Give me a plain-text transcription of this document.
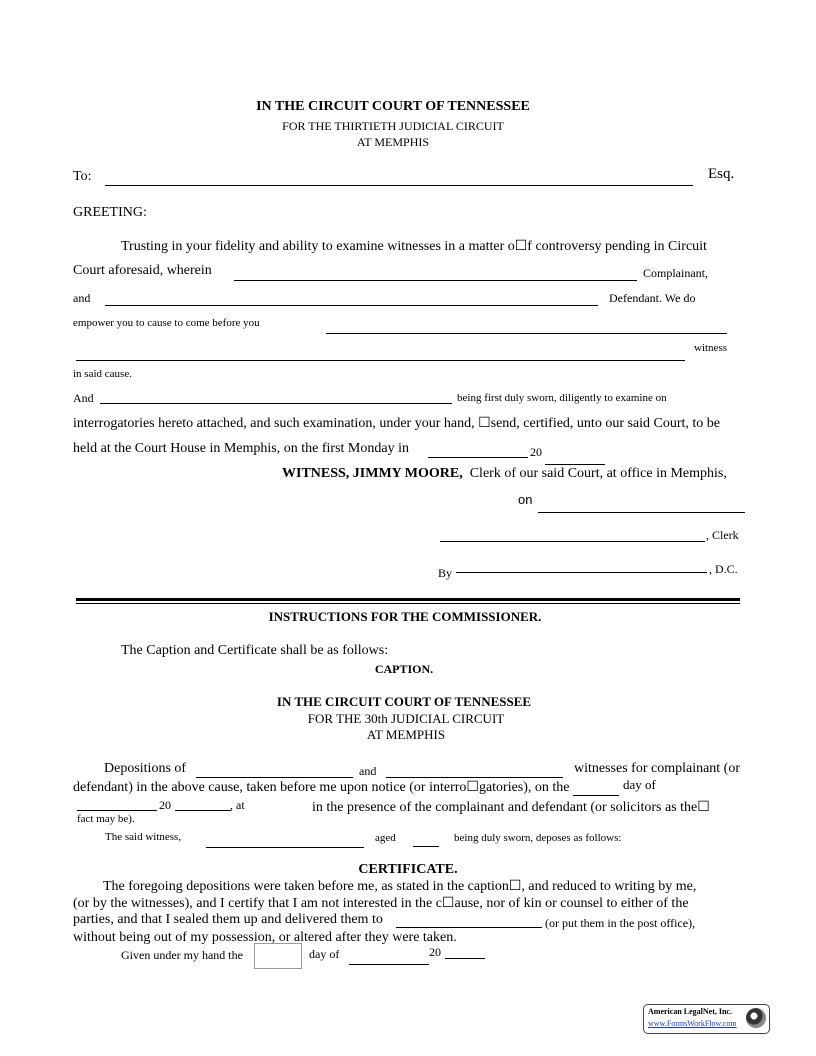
IN THE CIRCUIT COURT OF TENNESSEE
FOR THE THIRTIETH JUDICIAL CIRCUIT
AT MEMPHIS
To:	Esq.
GREETING:
Trusting in your fidelity and ability to examine witnesses in a matter o☐f controversy pending in Circuit
Court aforesaid, wherein	Complainant,
and	Defendant. We do
empower you to cause to come before you
witness
in said cause.
And	being first duly sworn, diligently to examine on
interrogatories hereto attached, and such examination, under your hand, ☐send, certified, unto our said Court, to be
held at the Court House in Memphis, on the first Monday in	20
WITNESS, JIMMY MOORE, Clerk of our said Court, at office in Memphis,
on
, Clerk
By	, D.C.
INSTRUCTIONS FOR THE COMMISSIONER.
The Caption and Certificate shall be as follows:
CAPTION.
IN THE CIRCUIT COURT OF TENNESSEE
FOR THE 30th JUDICIAL CIRCUIT
AT MEMPHIS
Depositions of	and	witnesses for complainant (or
defendant) in the above cause, taken before me upon notice (or interro☐gatories), on the	day of
20	, at	in the presence of the complainant and defendant (or solicitors as the☐
fact may be).
The said witness,	aged	being duly sworn, deposes as follows:
CERTIFICATE.
The foregoing depositions were taken before me, as stated in the caption☐, and reduced to writing by me,
(or by the witnesses), and I certify that I am not interested in the c☐ause, nor of kin or counsel to either of the
parties, and that I sealed them up and delivered them to	(or put them in the post office),
without being out of my possession, or altered after they were taken.
Given under my hand the	day of	20
American LegalNet, Inc.
www.FormsWorkFlow.com
